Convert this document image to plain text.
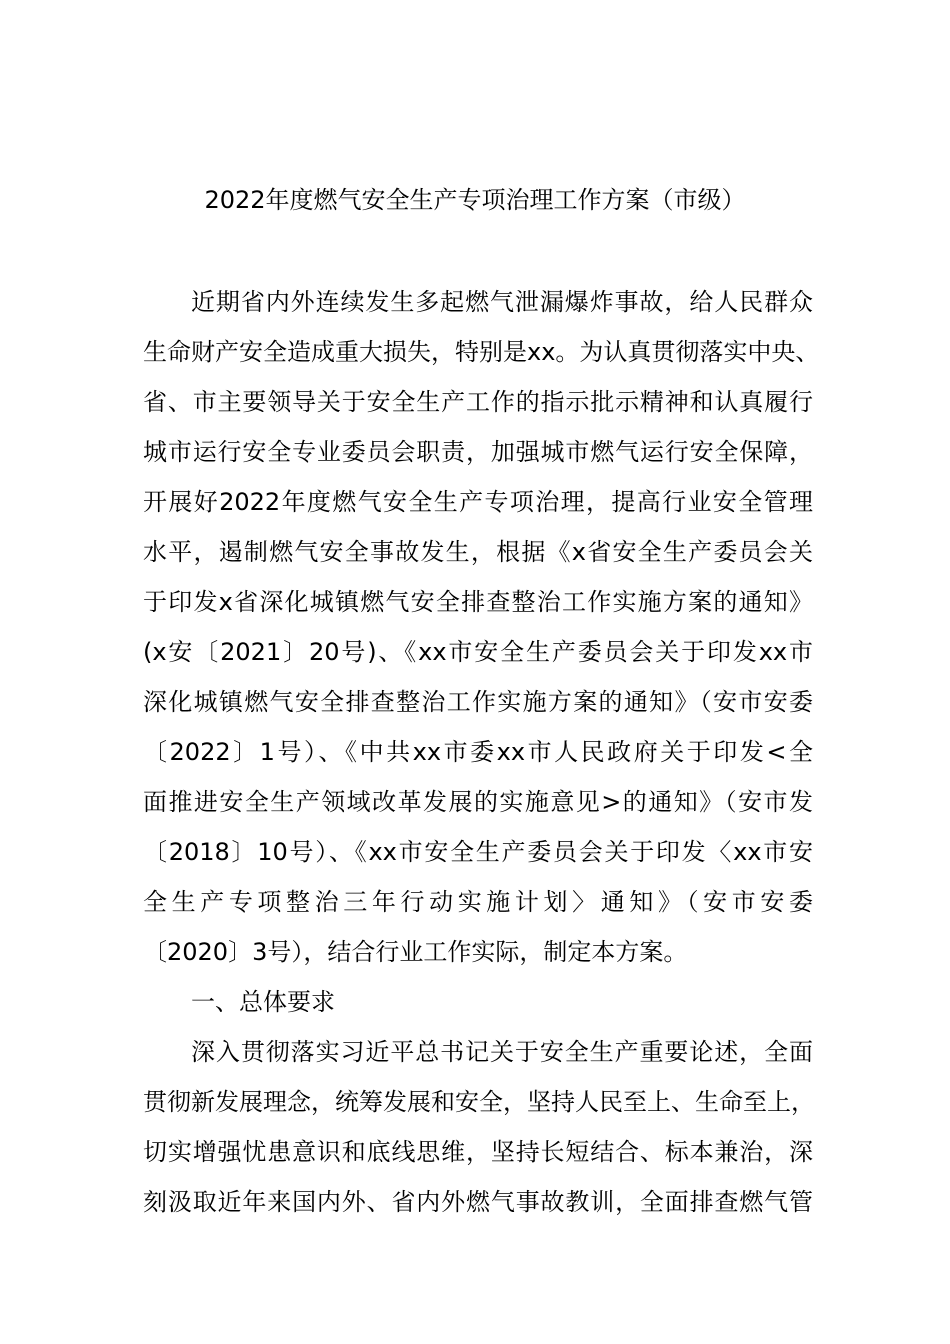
2022年度燃气安全生产专项治理工作方案（市级）
近期省内外连续发生多起燃气泄漏爆炸事故，给人民群众
生命财产安全造成重大损失，特别是xx。为认真贯彻落实中央、
省、市主要领导关于安全生产工作的指示批示精神和认真履行
城市运行安全专业委员会职责，加强城市燃气运行安全保障，
开展好2022年度燃气安全生产专项治理，提高行业安全管理
水平，遏制燃气安全事故发生，根据《x省安全生产委员会关
于印发x省深化城镇燃气安全排查整治工作实施方案的通知》
(x安〔2021〕20号)、《xx市安全生产委员会关于印发xx市
深化城镇燃气安全排查整治工作实施方案的通知》（安市安委
〔2022〕1号）、《中共xx市委xx市人民政府关于印发<全
面推进安全生产领域改革发展的实施意见>的通知》（安市发
〔2018〕10号）、《xx市安全生产委员会关于印发〈xx市安
全生产专项整治三年行动实施计划〉通知》（安市安委
〔2020〕3号），结合行业工作实际，制定本方案。
一、总体要求
深入贯彻落实习近平总书记关于安全生产重要论述，全面
贯彻新发展理念，统筹发展和安全，坚持人民至上、生命至上，
切实增强忧患意识和底线思维，坚持长短结合、标本兼治，深
刻汲取近年来国内外、省内外燃气事故教训，全面排查燃气管
